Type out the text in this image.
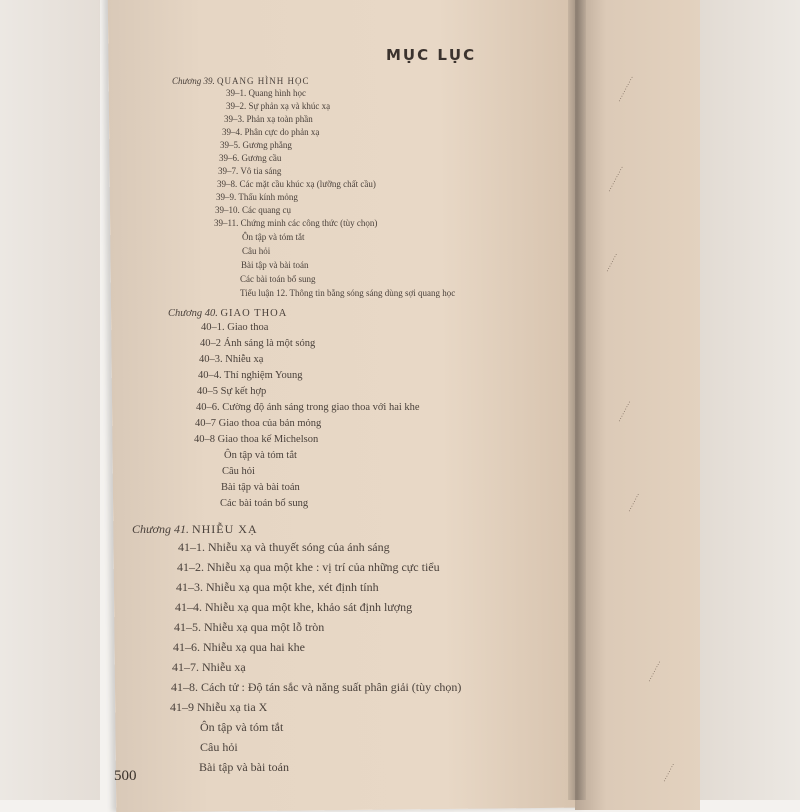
···········
···········
········
·········
········
·········
········
MỤC LỤC
Chương 39. QUANG HÌNH HỌC
39–1. Quang hình học
39–2. Sự phản xạ và khúc xạ
39–3. Phản xạ toàn phần
39–4. Phân cực do phản xạ
39–5. Gương phẳng
39–6. Gương cầu
39–7. Vô tia sáng
39–8. Các mặt cầu khúc xạ (lưỡng chất cầu)
39–9. Thấu kính mỏng
39–10. Các quang cụ
39–11. Chứng minh các công thức (tùy chọn)
Ôn tập và tóm tắt
Câu hỏi
Bài tập và bài toán
Các bài toán bổ sung
Tiểu luận 12. Thông tin bằng sóng sáng dùng sợi quang học
Chương 40. GIAO THOA
40–1. Giao thoa
40–2 Ánh sáng là một sóng
40–3. Nhiễu xạ
40–4. Thí nghiệm Young
40–5 Sự kết hợp
40–6. Cường độ ánh sáng trong giao thoa với hai khe
40–7 Giao thoa của bản mỏng
40–8 Giao thoa kế Michelson
Ôn tập và tóm tắt
Câu hỏi
Bài tập và bài toán
Các bài toán bổ sung
Chương 41. NHIỄU XẠ
41–1. Nhiễu xạ và thuyết sóng của ánh sáng
41–2. Nhiễu xạ qua một khe : vị trí của những cực tiểu
41–3. Nhiễu xạ qua một khe, xét định tính
41–4. Nhiễu xạ qua một khe, khảo sát định lượng
41–5. Nhiễu xạ qua một lỗ tròn
41–6. Nhiễu xạ qua hai khe
41–7. Nhiễu xạ
41–8. Cách tử : Độ tán sắc và năng suất phân giải (tùy chọn)
41–9 Nhiễu xạ tia X
Ôn tập và tóm tắt
Câu hỏi
Bài tập và bài toán
500
